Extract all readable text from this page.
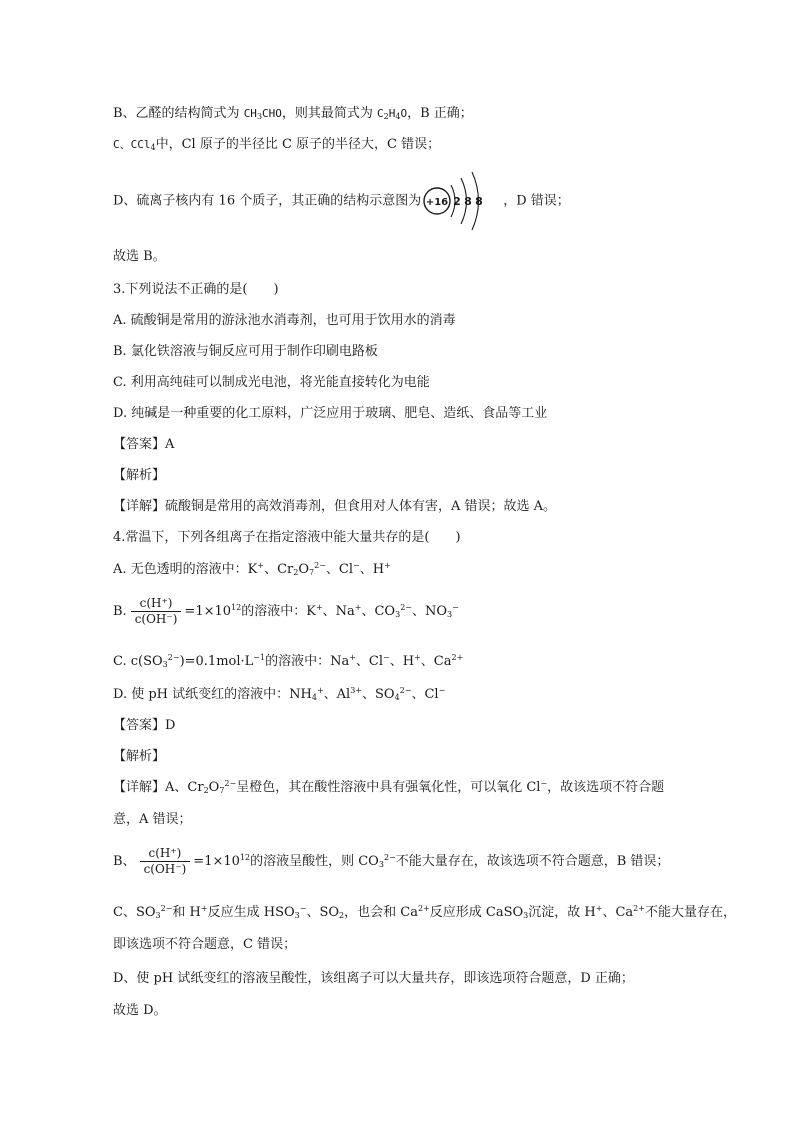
B、乙醛的结构简式为 $CH_3CHO$，则其最简式为 $C_2H_4O$，B 正确；
C、CCl$_4$中，Cl 原子的半径比 C 原子的半径大，C 错误；
D、硫离子核内有 16 个质子，其正确的结构示意图为 +16 2 8 8 ，D 错误；
故选 B。
3.下列说法不正确的是(　　)
A. 硫酸铜是常用的游泳池水消毒剂，也可用于饮用水的消毒
B. 氯化铁溶液与铜反应可用于制作印刷电路板
C. 利用高纯硅可以制成光电池，将光能直接转化为电能
D. 纯碱是一种重要的化工原料，广泛应用于玻璃、肥皂、造纸、食品等工业
【答案】A
【解析】
【详解】硫酸铜是常用的高效消毒剂，但食用对人体有害，A 错误；故选 A。
4.常温下，下列各组离子在指定溶液中能大量共存的是(　　)
A. 无色透明的溶液中：K+、$Cr_2O_7^{2-}$、Cl−、H+
B. $\frac{c(H^+)}{c(OH^-)} =1\times 10^{12}$的溶液中：K+、Na+、$CO_3^{2-}$、$NO_3^-$
C. $c(SO_3^{2-})=0.1mol\cdot L^{-1}$的溶液中：Na+、Cl−、H+、$Ca^{2+}$
D. 使 pH 试纸变红的溶液中：$NH_4^+$、$Al^{3+}$、$SO_4^{2-}$、Cl−
【答案】D
【解析】
【详解】A、$Cr_2O_7^{2-}$呈橙色，其在酸性溶液中具有强氧化性，可以氧化 Cl−，故该选项不符合题
意，A 错误；
B、 $\frac{c(H^+)}{c(OH^-)} =1\times 10^{12}$的溶液呈酸性，则 $CO_3^{2-}$不能大量存在，故该选项不符合题意，B 错误；
C、$SO_3^{2-}$和 H+反应生成 $HSO_3^-$、$SO_2$，也会和 $Ca^{2+}$反应形成 CaSO$_3$沉淀，故 H+、$Ca^{2+}$不能大量存在，
即该选项不符合题意，C 错误；
D、使 pH 试纸变红的溶液呈酸性，该组离子可以大量共存，即该选项符合题意，D 正确；
故选 D。
